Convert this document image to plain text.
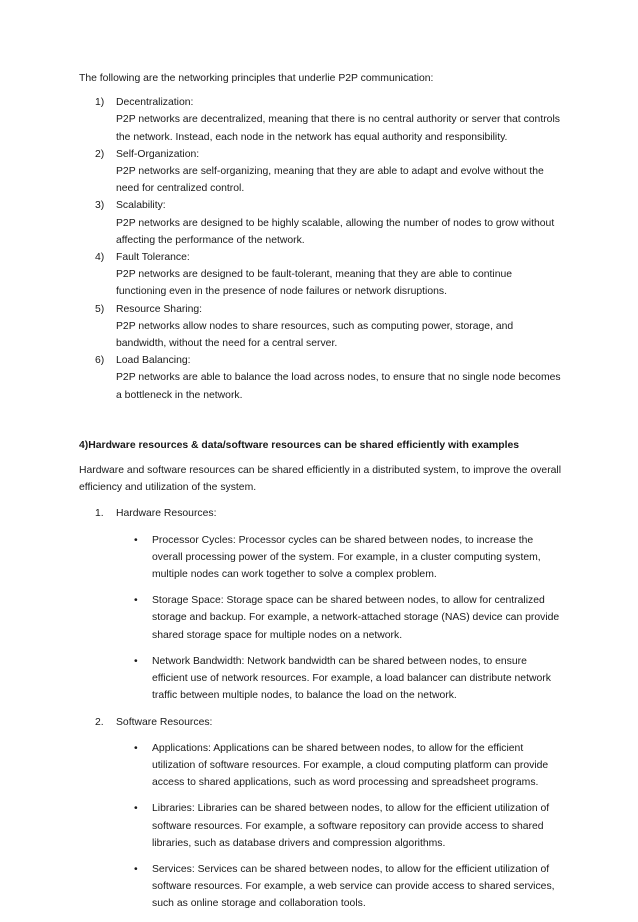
The following are the networking principles that underlie P2P communication:

1) Decentralization:
P2P networks are decentralized, meaning that there is no central authority or server that controls the network. Instead, each node in the network has equal authority and responsibility.
2) Self-Organization:
P2P networks are self-organizing, meaning that they are able to adapt and evolve without the need for centralized control.
3) Scalability:
P2P networks are designed to be highly scalable, allowing the number of nodes to grow without affecting the performance of the network.
4) Fault Tolerance:
P2P networks are designed to be fault-tolerant, meaning that they are able to continue functioning even in the presence of node failures or network disruptions.
5) Resource Sharing:
P2P networks allow nodes to share resources, such as computing power, storage, and bandwidth, without the need for a central server.
6) Load Balancing:
P2P networks are able to balance the load across nodes, to ensure that no single node becomes a bottleneck in the network.

4)Hardware resources & data/software resources can be shared efficiently with examples

Hardware and software resources can be shared efficiently in a distributed system, to improve the overall efficiency and utilization of the system.

1. Hardware Resources:
• Processor Cycles: Processor cycles can be shared between nodes, to increase the overall processing power of the system. For example, in a cluster computing system, multiple nodes can work together to solve a complex problem.
• Storage Space: Storage space can be shared between nodes, to allow for centralized storage and backup. For example, a network-attached storage (NAS) device can provide shared storage space for multiple nodes on a network.
• Network Bandwidth: Network bandwidth can be shared between nodes, to ensure efficient use of network resources. For example, a load balancer can distribute network traffic between multiple nodes, to balance the load on the network.
2. Software Resources:
• Applications: Applications can be shared between nodes, to allow for the efficient utilization of software resources. For example, a cloud computing platform can provide access to shared applications, such as word processing and spreadsheet programs.
• Libraries: Libraries can be shared between nodes, to allow for the efficient utilization of software resources. For example, a software repository can provide access to shared libraries, such as database drivers and compression algorithms.
• Services: Services can be shared between nodes, to allow for the efficient utilization of software resources. For example, a web service can provide access to shared services, such as online storage and collaboration tools.
